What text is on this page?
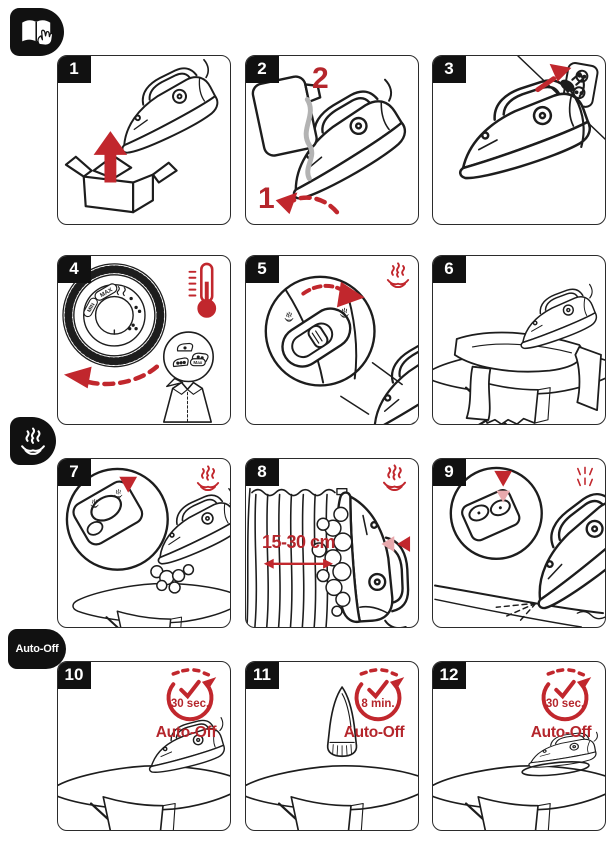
Auto-Off
1	2	2
1
3
4
MAX
MIN
Max
5	6
7	8
15-30 cm
9
10
30 sec.
Auto-Off
11
8 min.
Auto-Off
12
30 sec.
Auto-Off
